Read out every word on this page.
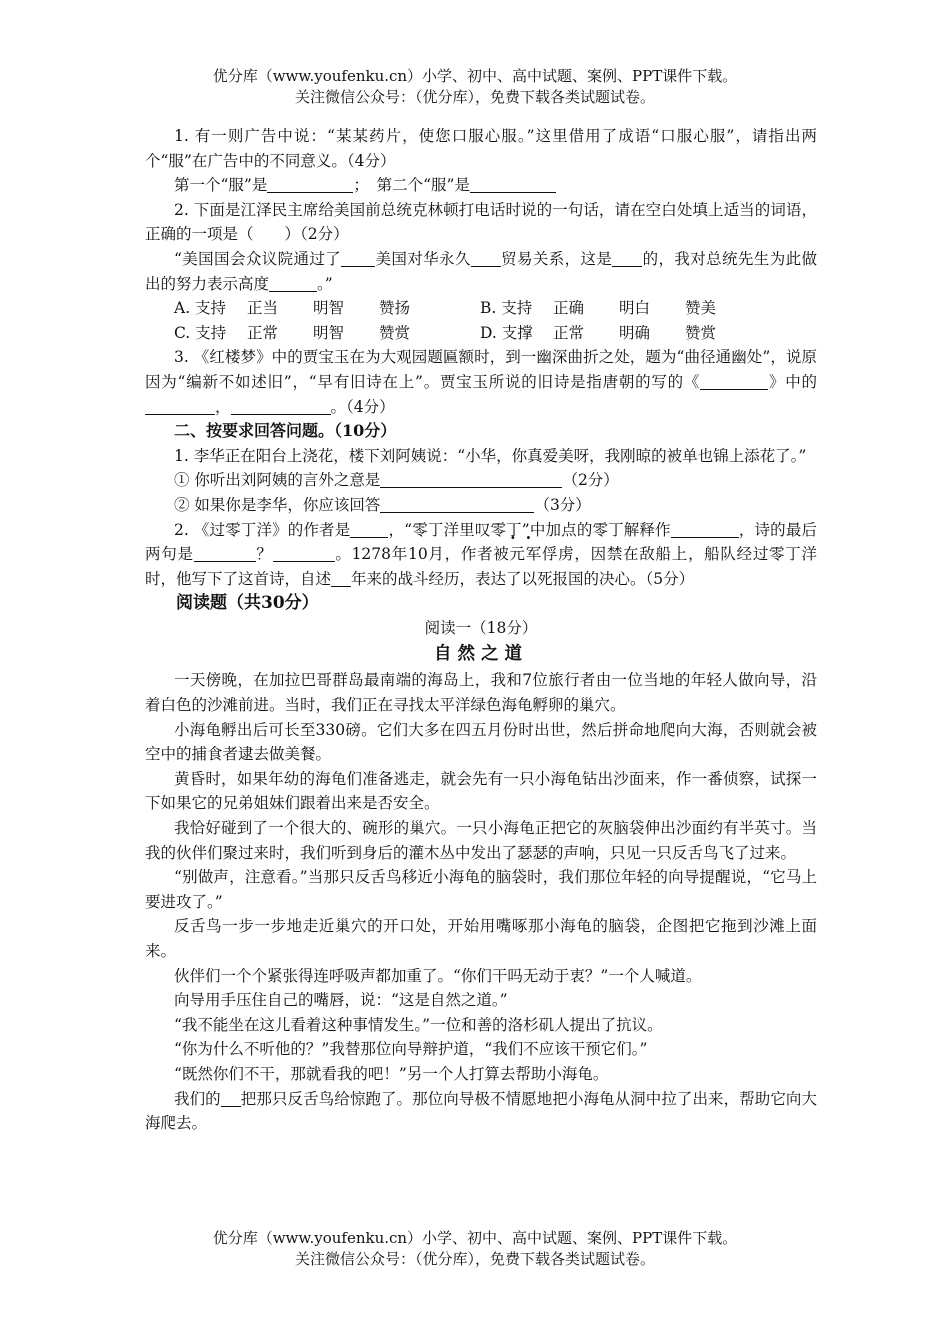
优分库（www.youfenku.cn）小学、初中、高中试题、案例、PPT课件下载。
关注微信公众号：（优分库），免费下载各类试题试卷。
1. 有一则广告中说：“某某药片，使您口服心服。”这里借用了成语“口服心服”，请指出两个“服”在广告中的不同意义。（4分）
第一个“服”是	；　第二个“服”是
2. 下面是江泽民主席给美国前总统克林顿打电话时说的一句话，请在空白处填上适当的词语，正确的一项是（　　）（2分）
“美国国会众议院通过了 美国对华永久 贸易关系，这是 的，我对总统先生为此做出的努力表示高度	。”
A. 支持	正当	明智	赞扬	B. 支持	正确	明白	赞美
C. 支持	正常	明智	赞赏	D. 支撑	正常	明确	赞赏
3. 《红楼梦》中的贾宝玉在为大观园题匾额时，到一幽深曲折之处，题为“曲径通幽处”，说原因为“编新不如述旧”，“早有旧诗在上”。贾宝玉所说的旧诗是指唐朝的写的《	》中的，	。（4分）
二、按要求回答问题。（10分）
1. 李华正在阳台上浇花，楼下刘阿姨说：“小华，你真爱美呀，我刚晾的被单也锦上添花了。”
① 你听出刘阿姨的言外之意是	（2分）
② 如果你是李华，你应该回答	（3分）
2. 《过零丁洋》的作者是 ，“零丁洋里叹零丁”中加点的零丁解释作	，诗的最后两句是	？	。1278年10月，作者被元军俘虏，因禁在敌船上，船队经过零丁洋时，他写下了这首诗，自述 年来的战斗经历，表达了以死报国的决心。（5分）
阅读题（共30分）
阅读一（18分）
自然之道
一天傍晚，在加拉巴哥群岛最南端的海岛上，我和7位旅行者由一位当地的年轻人做向导，沿着白色的沙滩前进。当时，我们正在寻找太平洋绿色海龟孵卵的巢穴。
小海龟孵出后可长至330磅。它们大多在四五月份时出世，然后拼命地爬向大海，否则就会被空中的捕食者逮去做美餐。
黄昏时，如果年幼的海龟们准备逃走，就会先有一只小海龟钻出沙面来，作一番侦察，试探一下如果它的兄弟姐妹们跟着出来是否安全。
我恰好碰到了一个很大的、碗形的巢穴。一只小海龟正把它的灰脑袋伸出沙面约有半英寸。当我的伙伴们聚过来时，我们听到身后的灌木丛中发出了瑟瑟的声响，只见一只反舌鸟飞了过来。
“别做声，注意看。”当那只反舌鸟移近小海龟的脑袋时，我们那位年轻的向导提醒说，“它马上要进攻了。”
反舌鸟一步一步地走近巢穴的开口处，开始用嘴啄那小海龟的脑袋，企图把它拖到沙滩上面来。
伙伴们一个个紧张得连呼吸声都加重了。“你们干吗无动于衷？”一个人喊道。
向导用手压住自己的嘴唇，说：“这是自然之道。”
“我不能坐在这儿看着这种事情发生。”一位和善的洛杉矶人提出了抗议。
“你为什么不听他的？”我替那位向导辩护道，“我们不应该干预它们。”
“既然你们不干，那就看我的吧！”另一个人打算去帮助小海龟。
我们的 把那只反舌鸟给惊跑了。那位向导极不情愿地把小海龟从洞中拉了出来，帮助它向大海爬去。
优分库（www.youfenku.cn）小学、初中、高中试题、案例、PPT课件下载。
关注微信公众号：（优分库），免费下载各类试题试卷。
